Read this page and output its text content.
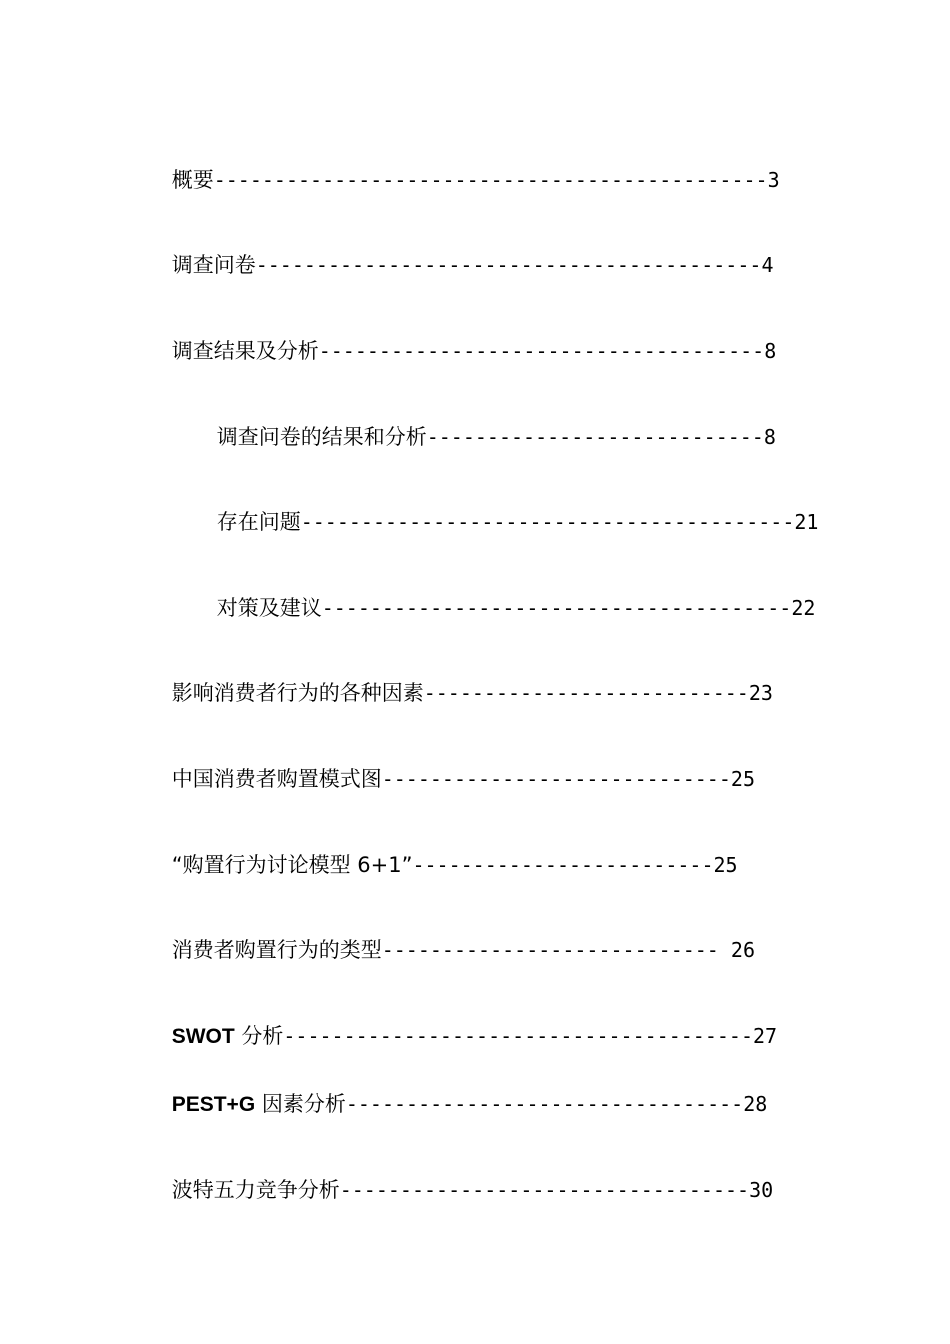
概要----------------------------------------------3

调查问卷------------------------------------------4

调查结果及分析-------------------------------------8

调查问卷的结果和分析----------------------------8

存在问题-----------------------------------------21

对策及建议---------------------------------------22

影响消费者行为的各种因素---------------------------23

中国消费者购置模式图-----------------------------25

“购置行为讨论模型 6+1”-------------------------25

消费者购置行为的类型---------------------------- 26

SWOT 分析---------------------------------------27

PEST+G 因素分析---------------------------------28

波特五力竞争分析----------------------------------30
